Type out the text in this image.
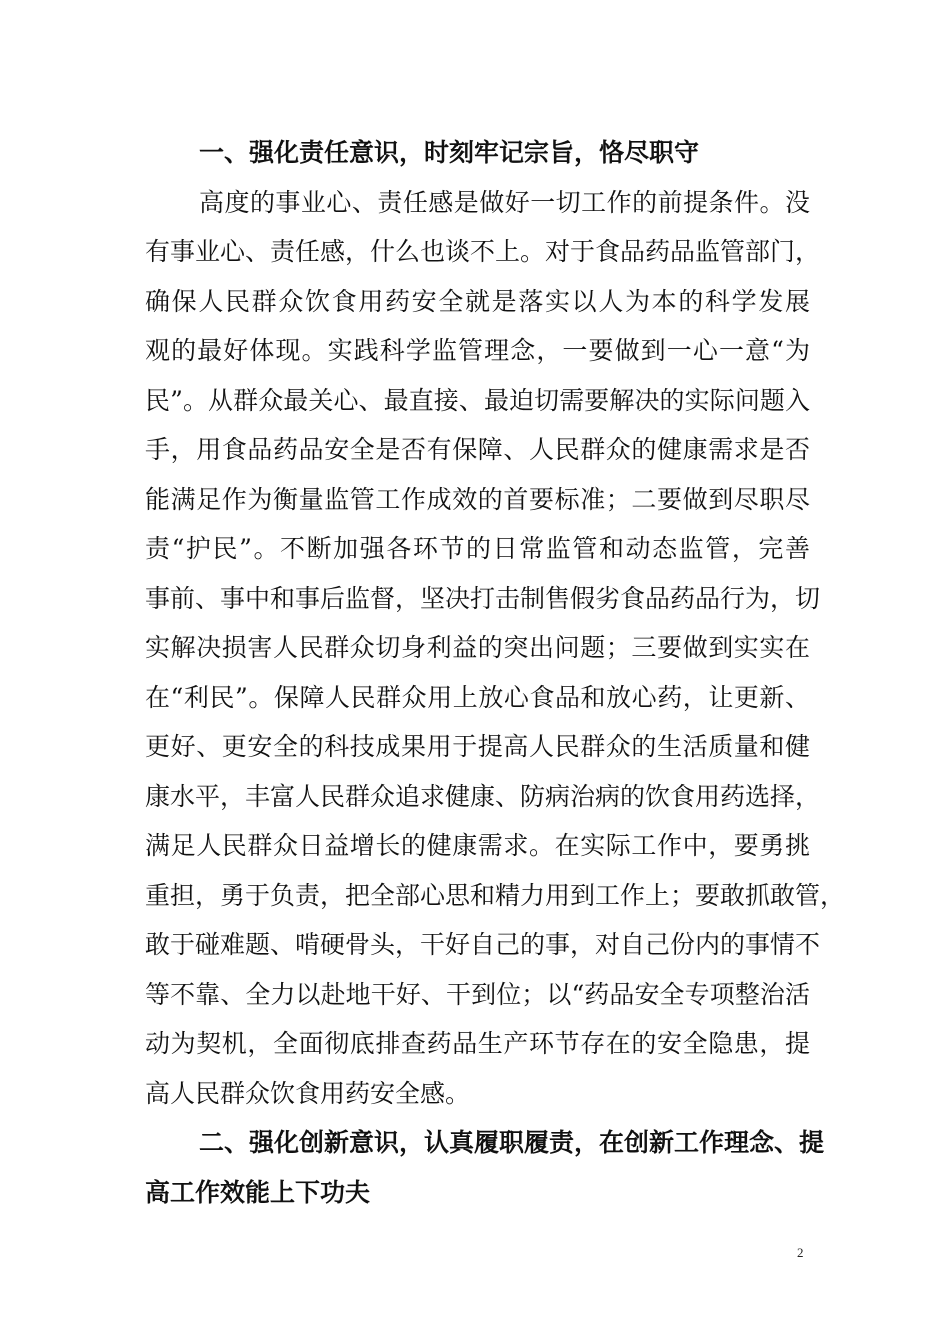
一、强化责任意识，时刻牢记宗旨，恪尽职守
高度的事业心、责任感是做好一切工作的前提条件。没
有事业心、责任感，什么也谈不上。对于食品药品监管部门，
确保人民群众饮食用药安全就是落实以人为本的科学发展
观的最好体现。实践科学监管理念，一要做到一心一意“为
民”。从群众最关心、最直接、最迫切需要解决的实际问题入
手，用食品药品安全是否有保障、人民群众的健康需求是否
能满足作为衡量监管工作成效的首要标准；二要做到尽职尽
责“护民”。不断加强各环节的日常监管和动态监管，完善
事前、事中和事后监督，坚决打击制售假劣食品药品行为，切
实解决损害人民群众切身利益的突出问题；三要做到实实在
在“利民”。保障人民群众用上放心食品和放心药，让更新、
更好、更安全的科技成果用于提高人民群众的生活质量和健
康水平，丰富人民群众追求健康、防病治病的饮食用药选择，
满足人民群众日益增长的健康需求。在实际工作中，要勇挑
重担，勇于负责，把全部心思和精力用到工作上；要敢抓敢管，
敢于碰难题、啃硬骨头，干好自己的事，对自己份内的事情不
等不靠、全力以赴地干好、干到位；以“药品安全专项整治活
动为契机，全面彻底排查药品生产环节存在的安全隐患，提
高人民群众饮食用药安全感。
二、强化创新意识，认真履职履责，在创新工作理念、提
高工作效能上下功夫
2
